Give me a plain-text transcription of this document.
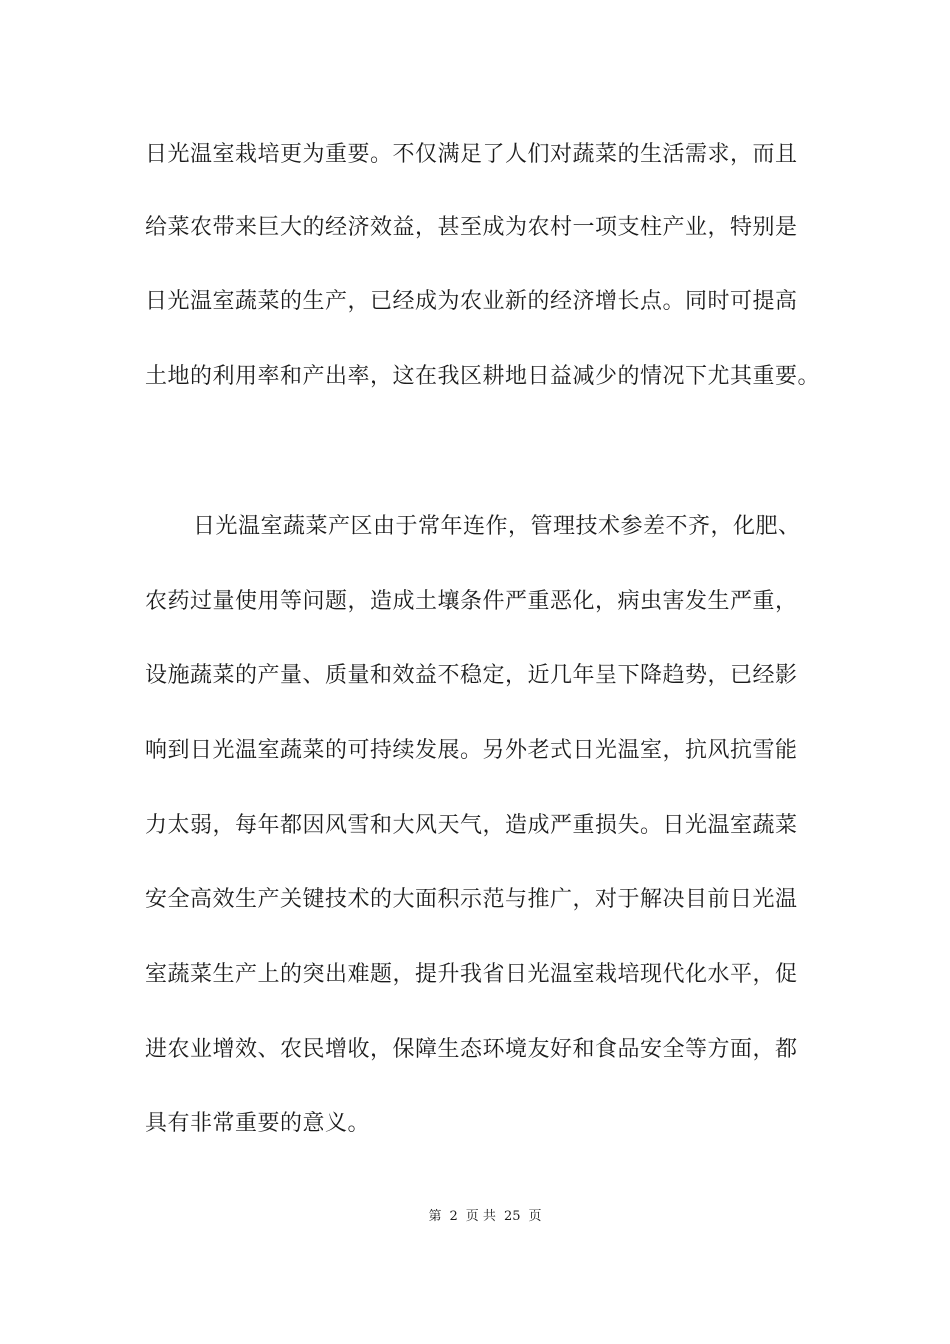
日光温室栽培更为重要。不仅满足了人们对蔬菜的生活需求，而且
给菜农带来巨大的经济效益，甚至成为农村一项支柱产业，特别是
日光温室蔬菜的生产，已经成为农业新的经济增长点。同时可提高
土地的利用率和产出率，这在我区耕地日益减少的情况下尤其重要。
日光温室蔬菜产区由于常年连作，管理技术参差不齐，化肥、
农药过量使用等问题，造成土壤条件严重恶化，病虫害发生严重，
设施蔬菜的产量、质量和效益不稳定，近几年呈下降趋势，已经影
响到日光温室蔬菜的可持续发展。另外老式日光温室，抗风抗雪能
力太弱，每年都因风雪和大风天气，造成严重损失。日光温室蔬菜
安全高效生产关键技术的大面积示范与推广，对于解决目前日光温
室蔬菜生产上的突出难题，提升我省日光温室栽培现代化水平，促
进农业增效、农民增收，保障生态环境友好和食品安全等方面，都
具有非常重要的意义。
第 2 页 共 25 页
